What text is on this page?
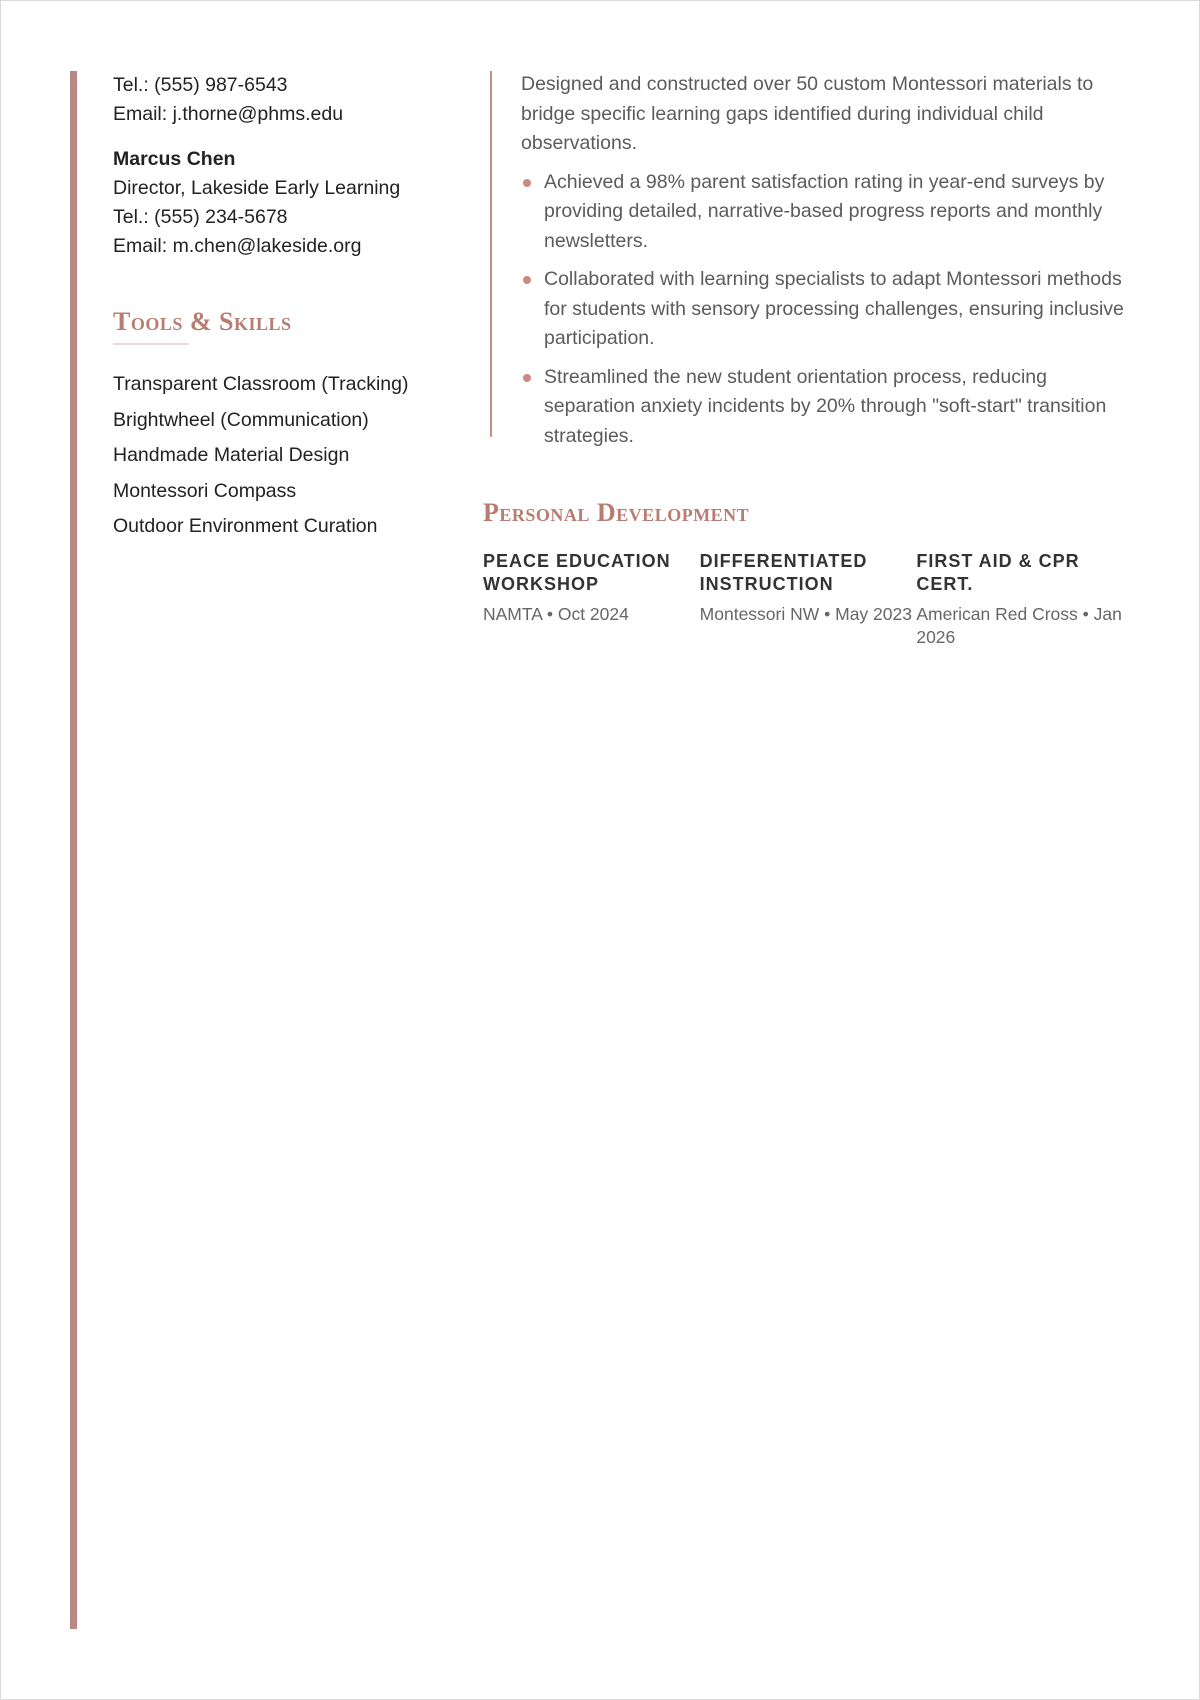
Tel.: (555) 987-6543
Email: j.thorne@phms.edu
Marcus Chen
Director, Lakeside Early Learning
Tel.: (555) 234-5678
Email: m.chen@lakeside.org
Tools & Skills
Transparent Classroom (Tracking)
Brightwheel (Communication)
Handmade Material Design
Montessori Compass
Outdoor Environment Curation

Designed and constructed over 50 custom Montessori materials to bridge specific learning gaps identified during individual child observations.

Achieved a 98% parent satisfaction rating in year-end surveys by providing detailed, narrative-based progress reports and monthly newsletters.
Collaborated with learning specialists to adapt Montessori methods for students with sensory processing challenges, ensuring inclusive participation.
Streamlined the new student orientation process, reducing separation anxiety incidents by 20% through "soft-start" transition strategies.
Personal Development

PEACE EDUCATION WORKSHOP

NAMTA • Oct 2024

DIFFERENTIATED INSTRUCTION

Montessori NW • May 2023

FIRST AID & CPR CERT.

American Red Cross • Jan 2026
